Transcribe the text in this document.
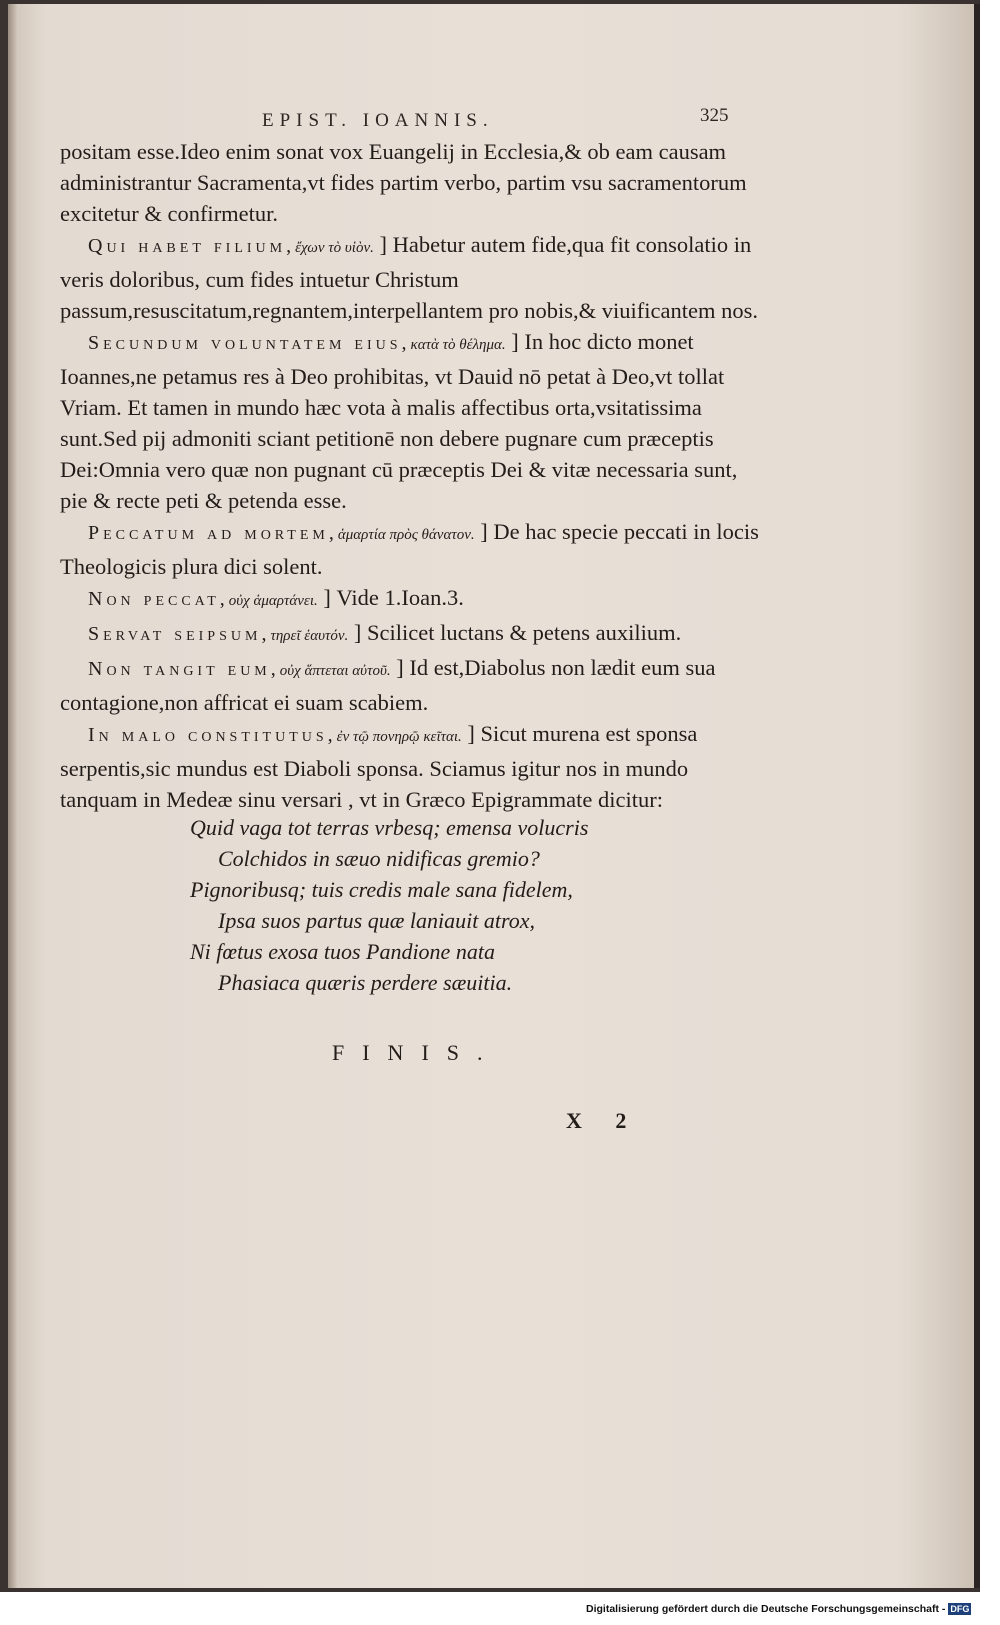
EPIST. IOANNIS.	325

positam esse.Ideo enim sonat vox Euangelij in Ecclesia,& ob eam causam administrantur Sacramenta,vt fides partim verbo, partim vsu sacramentorum excitetur & confirmetur.

Qui habet filium,ἔχων τὸ υἱὸν. ] Habetur autem fide,qua fit consolatio in veris doloribus, cum fides intuetur Christum passum,resuscitatum,regnantem,interpellantem pro nobis,& viuificantem nos.

Secundum voluntatem eius,κατὰ τὸ θέλημα. ] In hoc dicto monet Ioannes,ne petamus res à Deo prohibitas, vt Dauid nō petat à Deo,vt tollat Vriam. Et tamen in mundo hæc vota à malis affectibus orta,vsitatissima sunt.Sed pij admoniti sciant petitionē non debere pugnare cum præceptis Dei:Omnia vero quæ non pugnant cū præceptis Dei & vitæ necessaria sunt, pie & recte peti & petenda esse.

Peccatum ad mortem,ἁμαρτία πρὸς θάνατον. ] De hac specie peccati in locis Theologicis plura dici solent.

Non peccat,οὐχ ἁμαρτάνει. ] Vide 1.Ioan.3.

Servat seipsum,τηρεῖ ἑαυτόν. ] Scilicet luctans & petens auxilium.

Non tangit eum,οὐχ ἅπτεται αὐτοῦ. ] Id est,Diabolus non lædit eum sua contagione,non affricat ei suam scabiem.

In malo constitutus,ἐν τῷ πονηρῷ κεῖται. ] Sicut murena est sponsa serpentis,sic mundus est Diaboli sponsa. Sciamus igitur nos in mundo tanquam in Medeæ sinu versari , vt in Græco Epigrammate dicitur:

Quid vaga tot terras vrbesq; emensa volucris

Colchidos in sæuo nidificas gremio?

Pignoribusq; tuis credis male sana fidelem,

Ipsa suos partus quæ laniauit atrox,

Ni fœtus exosa tuos Pandione nata

Phasiaca quæris perdere sæuitia.

FINIS.
X 2
Digitalisierung gefördert durch die Deutsche Forschungsgemeinschaft - DFG
